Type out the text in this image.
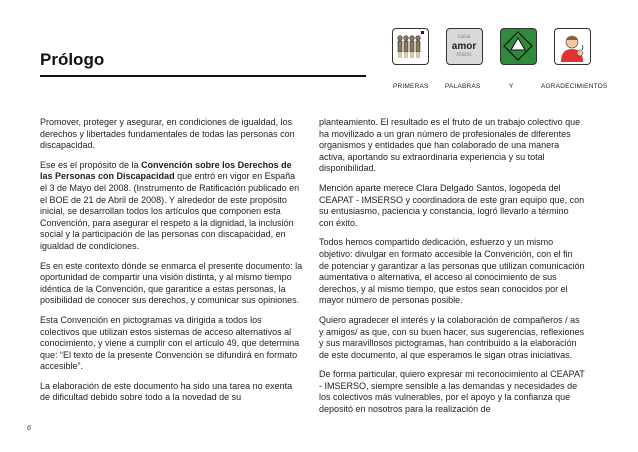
Prólogo
casa
amor
mano
PRIMERAS	PALABRAS	Y	AGRADECIMIENTOS

Promover, proteger y asegurar, en condiciones de igualdad, los derechos y libertades fundamentales de todas las personas con discapacidad.

Ese es el propósito de la Convención sobre los Derechos de las Personas con Discapacidad que entró en vigor en España el 3 de Mayo del 2008. (Instrumento de Ratificación publicado en el BOE de 21 de Abril de 2008). Y alrededor de este propósito inicial, se desarrollan todos los artículos que componen esta Convención, para asegurar el respeto a la dignidad, la inclusión social y la participación de las personas con discapacidad, en igualdad de condiciones.

Es en este contexto dónde se enmarca el presente documento: la oportunidad de compartir una visión distinta, y al mismo tiempo idéntica de la Convención, que garantice a estas personas, la posibilidad de conocer sus derechos, y comunicar sus opiniones.

Esta Convención en pictogramas va dirigida a todos los colectivos que utilizan estos sistemas de acceso alternativos al conocimiento, y viene a cumplir con el artículo 49, que determina que: “El texto de la presente Convención se difundirá en formato accesible”.

La elaboración de este documento ha sido una tarea no exenta de dificultad debido sobre todo a la novedad de su

planteamiento. El resultado es el fruto de un trabajo colectivo que ha movilizado a un gran número de profesionales de diferentes organismos y entidades que han colaborado de una manera activa, aportando su extraordinaria experiencia y su total disponibilidad.

Mención aparte merece Clara Delgado Santos, logopeda del CEAPAT - IMSERSO y coordinadora de este gran equipo que, con su entusiasmo, paciencia y constancia, logró llevarlo a término con éxito.

Todos hemos compartido dedicación, esfuerzo y un mismo objetivo: divulgar en formato accesible la Convención, con el fin de potenciar y garantizar a las personas que utilizan comunicación aumentativa o alternativa, el acceso al conocimiento de sus derechos, y al mismo tiempo, que estos sean conocidos por el mayor número de personas posible.

Quiero agradecer el interés y la colaboración de compañeros / as y amigos/ as que, con su buen hacer, sus sugerencias, reflexiones y sus maravillosos pictogramas, han contribuido a la elaboración de este documento, al que esperamos le sigan otras iniciativas.

De forma particular, quiero expresar mi reconocimiento al CEAPAT - IMSERSO, siempre sensible a las demandas y necesidades de los colectivos más vulnerables, por el apoyo y la confianza que depositó en nosotros para la realización de

6
